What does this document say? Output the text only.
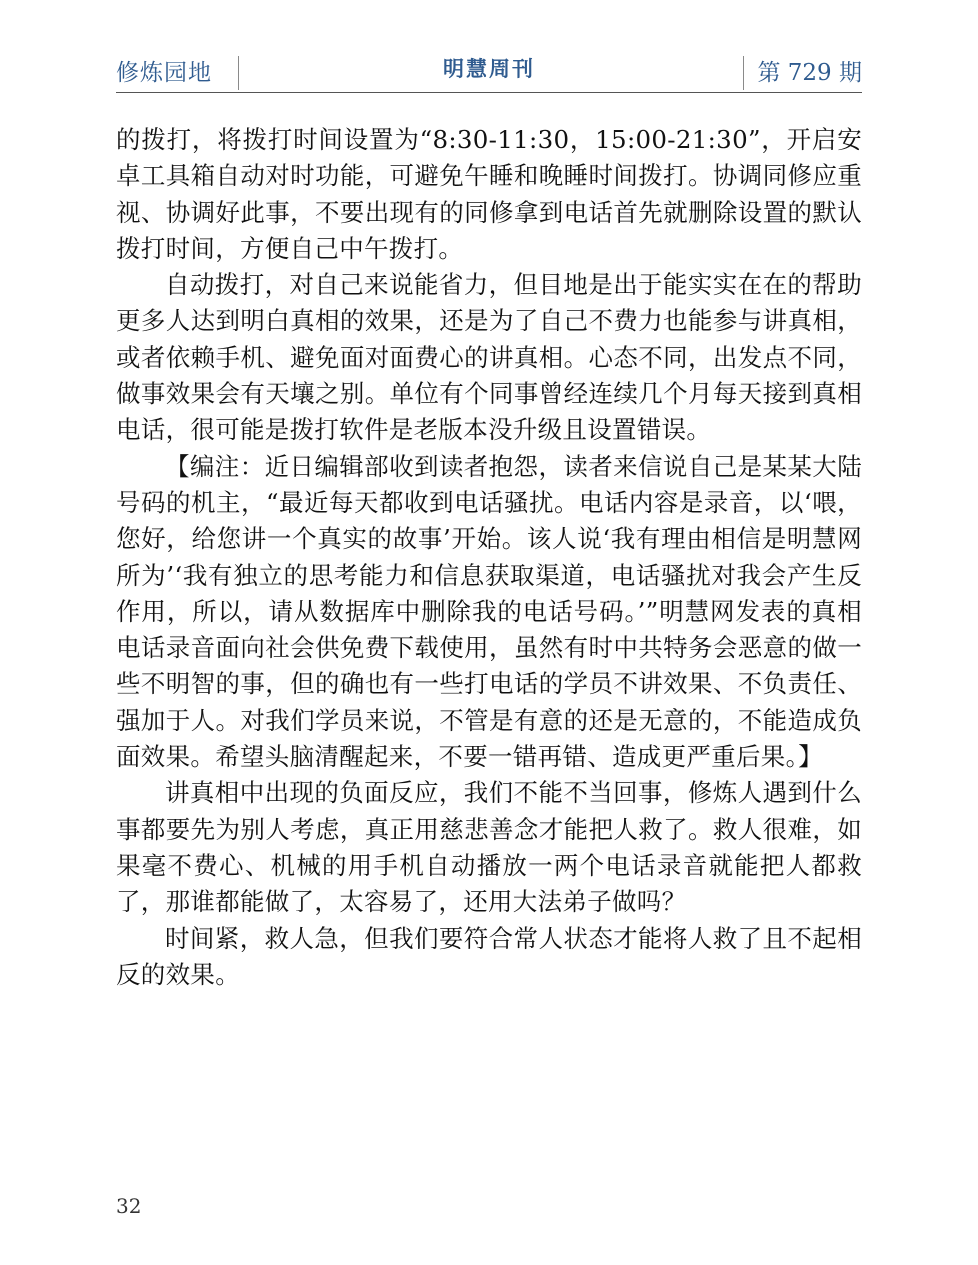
修炼园地	明慧周刊	第 729 期

的拨打，将拨打时间设置为“8:30-11:30，15:00-21:30”，开启安卓工具箱自动对时功能，可避免午睡和晚睡时间拨打。协调同修应重视、协调好此事，不要出现有的同修拿到电话首先就删除设置的默认拨打时间，方便自己中午拨打。

自动拨打，对自己来说能省力，但目地是出于能实实在在的帮助更多人达到明白真相的效果，还是为了自己不费力也能参与讲真相，或者依赖手机、避免面对面费心的讲真相。心态不同，出发点不同，做事效果会有天壤之别。单位有个同事曾经连续几个月每天接到真相电话，很可能是拨打软件是老版本没升级且设置错误。

【编注：近日编辑部收到读者抱怨，读者来信说自己是某某大陆号码的机主，“最近每天都收到电话骚扰。电话内容是录音，以‘喂，您好，给您讲一个真实的故事’开始。该人说‘我有理由相信是明慧网所为’‘我有独立的思考能力和信息获取渠道，电话骚扰对我会产生反作用，所以，请从数据库中删除我的电话号码。’”明慧网发表的真相电话录音面向社会供免费下载使用，虽然有时中共特务会恶意的做一些不明智的事，但的确也有一些打电话的学员不讲效果、不负责任、强加于人。对我们学员来说，不管是有意的还是无意的，不能造成负面效果。希望头脑清醒起来，不要一错再错、造成更严重后果。】

讲真相中出现的负面反应，我们不能不当回事，修炼人遇到什么事都要先为别人考虑，真正用慈悲善念才能把人救了。救人很难，如果毫不费心、机械的用手机自动播放一两个电话录音就能把人都救了，那谁都能做了，太容易了，还用大法弟子做吗？

时间紧，救人急，但我们要符合常人状态才能将人救了且不起相反的效果。

32
